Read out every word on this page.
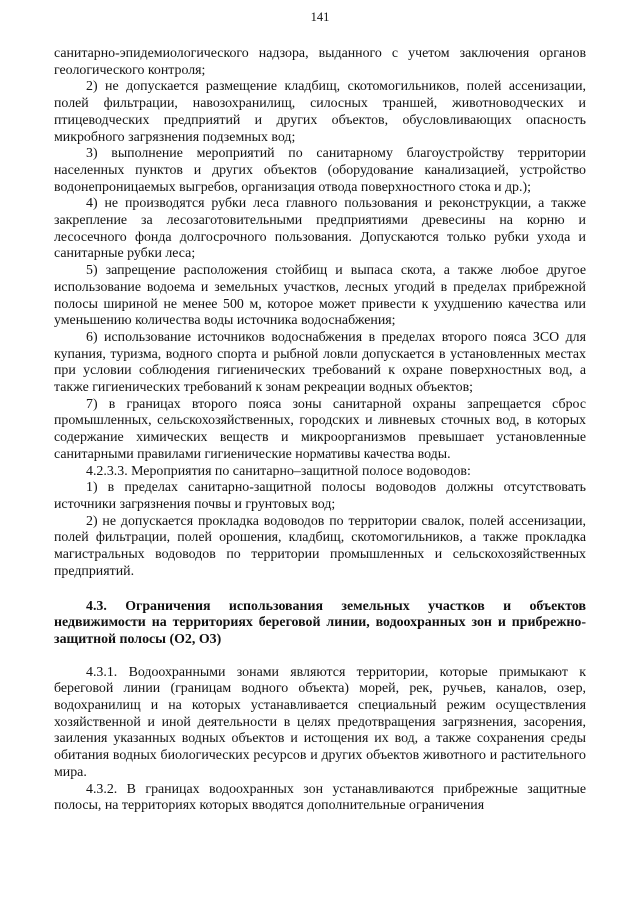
141

санитарно-эпидемиологического надзора, выданного с учетом заключения органов геологического контроля;

2) не допускается размещение кладбищ, скотомогильников, полей ассенизации, полей фильтрации, навозохранилищ, силосных траншей, животноводческих и птицеводческих предприятий и других объектов, обусловливающих опасность микробного загрязнения подземных вод;

3) выполнение мероприятий по санитарному благоустройству территории населенных пунктов и других объектов (оборудование канализацией, устройство водонепроницаемых выгребов, организация отвода поверхностного стока и др.);

4) не производятся рубки леса главного пользования и реконструкции, а также закрепление за лесозаготовительными предприятиями древесины на корню и лесосечного фонда долгосрочного пользования. Допускаются только рубки ухода и санитарные рубки леса;

5) запрещение расположения стойбищ и выпаса скота, а также любое другое использование водоема и земельных участков, лесных угодий в пределах прибрежной полосы шириной не менее 500 м, которое может привести к ухудшению качества или уменьшению количества воды источника водоснабжения;

6) использование источников водоснабжения в пределах второго пояса ЗСО для купания, туризма, водного спорта и рыбной ловли допускается в установленных местах при условии соблюдения гигиенических требований к охране поверхностных вод, а также гигиенических требований к зонам рекреации водных объектов;

7) в границах второго пояса зоны санитарной охраны запрещается сброс промышленных, сельскохозяйственных, городских и ливневых сточных вод, в которых содержание химических веществ и микроорганизмов превышает установленные санитарными правилами гигиенические нормативы качества воды.

4.2.3.3. Мероприятия по санитарно–защитной полосе водоводов:

1) в пределах санитарно-защитной полосы водоводов должны отсутствовать источники загрязнения почвы и грунтовых вод;

2) не допускается прокладка водоводов по территории свалок, полей ассенизации, полей фильтрации, полей орошения, кладбищ, скотомогильников, а также прокладка магистральных водоводов по территории промышленных и сельскохозяйственных предприятий.

4.3. Ограничения использования земельных участков и объектов недвижимости на территориях береговой линии, водоохранных зон и прибрежно-защитной полосы (О2, О3)

4.3.1. Водоохранными зонами являются территории, которые примыкают к береговой линии (границам водного объекта) морей, рек, ручьев, каналов, озер, водохранилищ и на которых устанавливается специальный режим осуществления хозяйственной и иной деятельности в целях предотвращения загрязнения, засорения, заиления указанных водных объектов и истощения их вод, а также сохранения среды обитания водных биологических ресурсов и других объектов животного и растительного мира.

4.3.2. В границах водоохранных зон устанавливаются прибрежные защитные полосы, на территориях которых вводятся дополнительные ограничения
